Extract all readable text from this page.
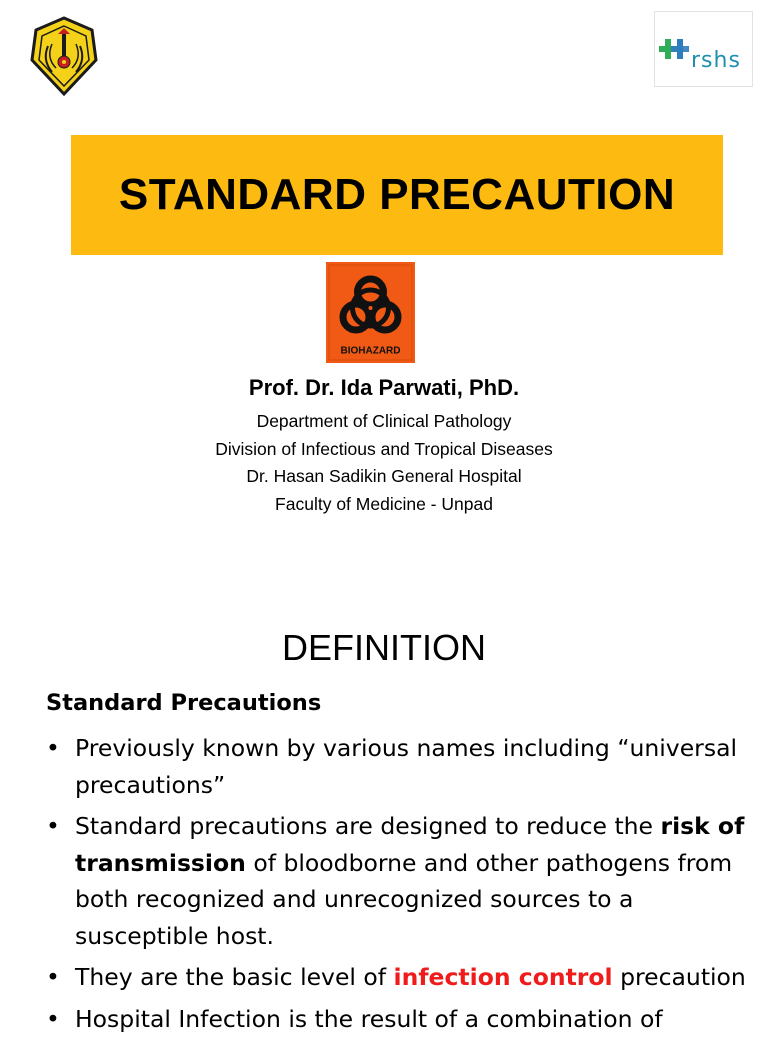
rshs
STANDARD PRECAUTION
BIOHAZARD
Prof. Dr. Ida Parwati, PhD.
Department of Clinical Pathology
Division of Infectious and Tropical Diseases
Dr. Hasan Sadikin General Hospital
Faculty of Medicine - Unpad
DEFINITION
Standard Precautions
• Previously known by various names including “universal precautions”
• Standard precautions are designed to reduce the risk of transmission of bloodborne and other pathogens from both recognized and unrecognized sources to a susceptible host.
• They are the basic level of infection control precaution
• Hospital Infection is the result of a combination of
